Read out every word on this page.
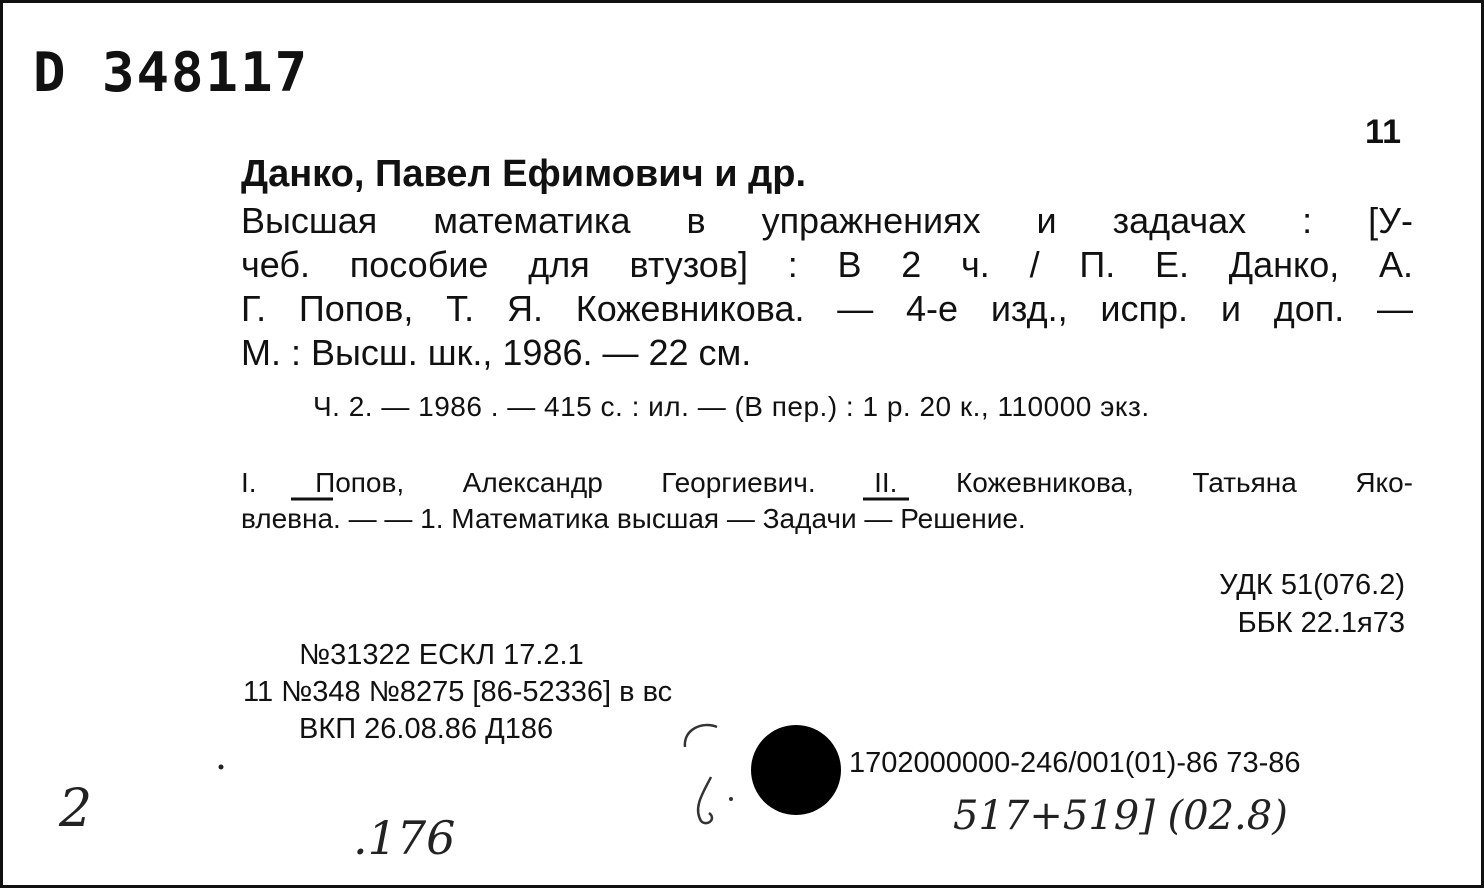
D 348117
11
Данко, Павел Ефимович и др.
Высшая математика в упражнениях и задачах : [У-
чеб. пособие для втузов] : В 2 ч. / П. Е. Данко, А.
Г. Попов, Т. Я. Кожевникова. — 4-е изд., испр. и доп. —
М. : Высш. шк., 1986. — 22 см.
Ч. 2. — 1986 . — 415 с. : ил. — (В пер.) : 1 р. 20 к., 110000 экз.
I. Попов, Александр Георгиевич. II. Кожевникова, Татьяна Яко-
влевна. — — 1. Математика высшая — Задачи — Решение.
УДК 51(076.2)
ББК 22.1я73
№31322 ЕСКЛ 17.2.1
11 №348 №8275 [86-52336] в вс
ВКП 26.08.86 Д186
1702000000-246/001(01)-86 73-86
2	.176	517+519] (02.8)
